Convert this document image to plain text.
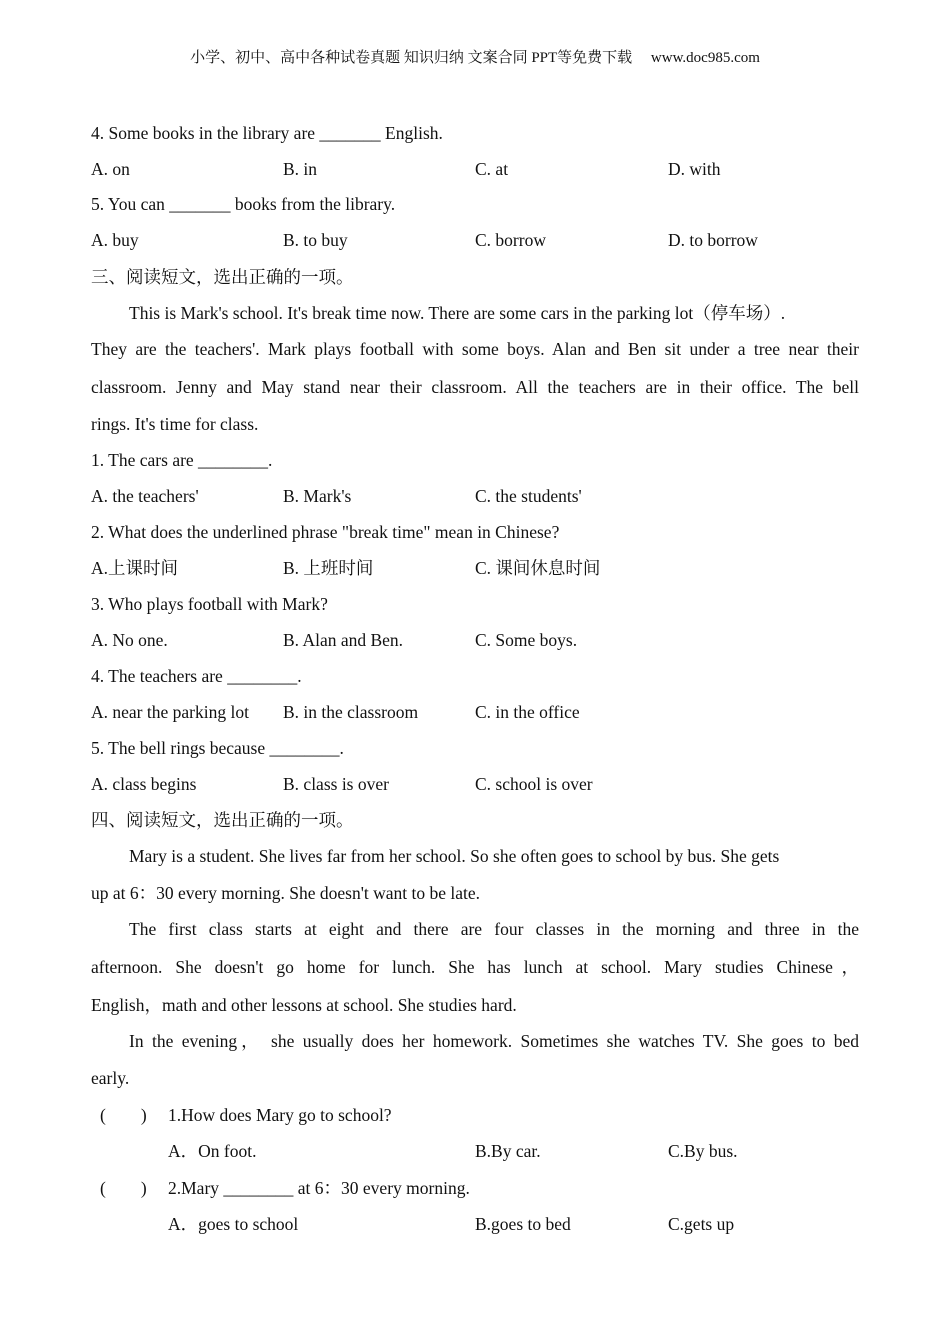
小学、初中、高中各种试卷真题 知识归纳 文案合同 PPT等免费下载     www.doc985.com
4. Some books in the library are _______ English.
A. on	B. in	C. at	D. with
5. You can _______ books from the library.
A. buy	B. to buy	C. borrow	D. to borrow
三、阅读短文，选出正确的一项。
This is Mark's school. It's break time now. There are some cars in the parking lot（停车场）.
They are the teachers'. Mark plays football with some boys. Alan and Ben sit under a tree near their
classroom. Jenny and May stand near their classroom. All the teachers are in their office. The bell
rings. It's time for class.
1. The cars are ________.
A. the teachers'	B. Mark's	C. the students'
2. What does the underlined phrase "break time" mean in Chinese?
A.上课时间	B. 上班时间	C. 课间休息时间
3. Who plays football with Mark?
A. No one.	B. Alan and Ben.	C. Some boys.
4. The teachers are ________.
A. near the parking lot B. in the classroom	C. in the office
5. The bell rings because ________.
A. class begins	B. class is over	C. school is over
四、阅读短文，选出正确的一项。
Mary is a student. She lives far from her school. So she often goes to school by bus. She gets
up at 6：30 every morning. She doesn't want to be late.
The first class starts at eight and there are four classes in the morning and three in the
afternoon. She doesn't go home for lunch. She has lunch at school. Mary studies Chinese，
English，math and other lessons at school. She studies hard.
In the evening， she usually does her homework. Sometimes she watches TV. She goes to bed
early.
(        ) 1.How does Mary go to school?
A．On foot.	B.By car.	C.By bus.
(        ) 2.Mary ________ at 6：30 every morning.
A．goes to school	B.goes to bed	C.gets up
